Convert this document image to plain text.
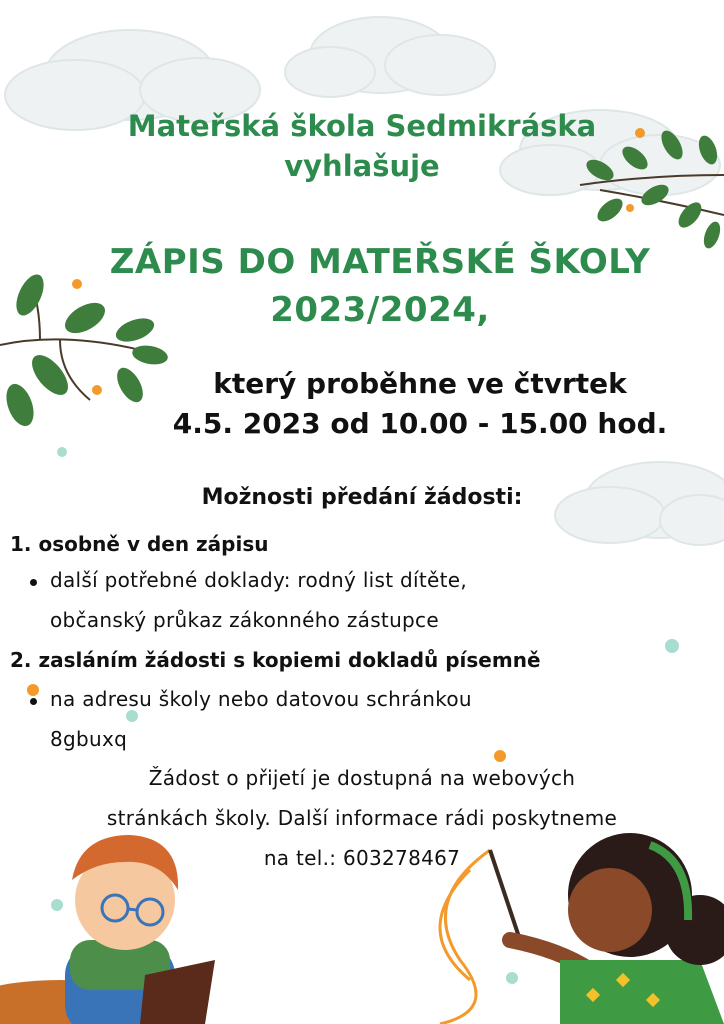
Mateřská škola Sedmikráska

vyhlašuje

ZÁPIS DO MATEŘSKÉ ŠKOLY

2023/2024,

který proběhne ve čtvrtek

4.5. 2023 od 10.00 - 15.00 hod.

Možnosti předání žádosti:

1. osobně v den zápisu

další potřebné doklady: rodný list dítěte,

občanský průkaz zákonného zástupce

2. zasláním žádosti s kopiemi dokladů písemně

na adresu školy nebo datovou schránkou

8gbuxq

Žádost o přijetí je dostupná na webových

stránkách školy. Další informace rádi poskytneme

na tel.: 603278467
